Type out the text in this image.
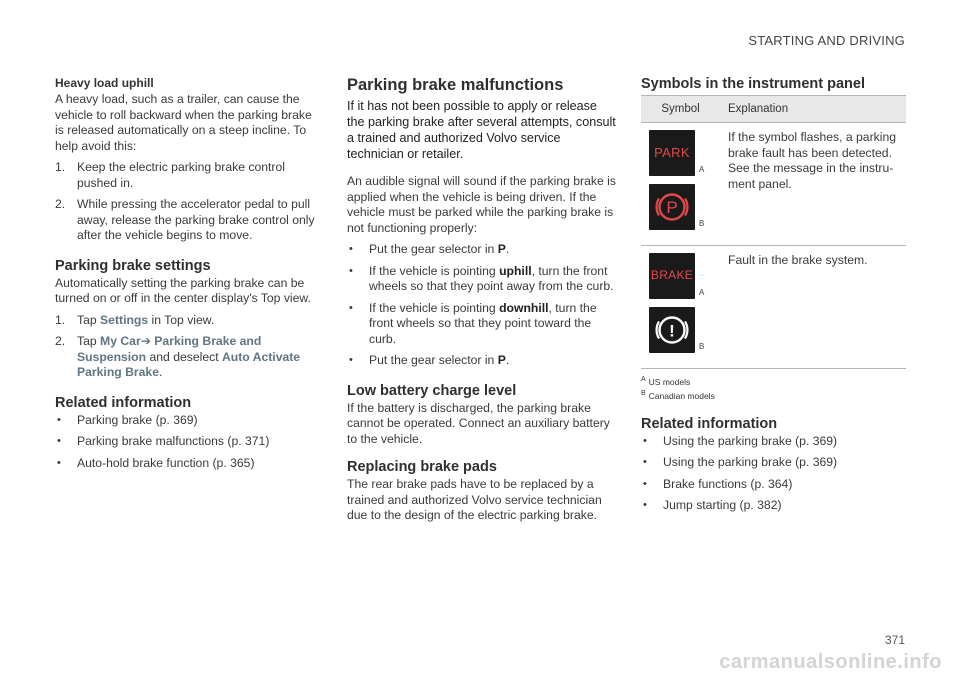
STARTING AND DRIVING
Heavy load uphill

A heavy load, such as a trailer, can cause the vehicle to roll backward when the parking brake is released automatically on a steep incline. To help avoid this:

1. Keep the electric parking brake control pushed in.
2. While pressing the accelerator pedal to pull away, release the parking brake control only after the vehicle begins to move.
Parking brake settings

Automatically setting the parking brake can be turned on or off in the center display's Top view.

1. Tap Settings in Top view.
2. Tap My Car➔ Parking Brake and Suspension and deselect Auto Activate Parking Brake.
Related information
• Parking brake (p. 369)
• Parking brake malfunctions (p. 371)
• Auto-hold brake function (p. 365)
Parking brake malfunctions

If it has not been possible to apply or release the parking brake after several attempts, consult a trained and authorized Volvo service technician or retailer.

An audible signal will sound if the parking brake is applied when the vehicle is being driven. If the vehicle must be parked while the parking brake is not functioning properly:

• Put the gear selector in P.
• If the vehicle is pointing uphill, turn the front wheels so that they point away from the curb.
• If the vehicle is pointing downhill, turn the front wheels so that they point toward the curb.
• Put the gear selector in P.
Low battery charge level

If the battery is discharged, the parking brake cannot be operated. Connect an auxiliary battery to the vehicle.

Replacing brake pads

The rear brake pads have to be replaced by a trained and authorized Volvo service technician due to the design of the electric parking brake.

Symbols in the instrument panel
Symbol	Explanation

PARK
A
P
B	If the symbol flashes, a parking brake fault has been detected. See the message in the instru-ment panel.

BRAKE
A
!
B	Fault in the brake system.
$^A$ US models
$^B$ Canadian models
Related information
• Using the parking brake (p. 369)
• Using the parking brake (p. 369)
• Brake functions (p. 364)
• Jump starting (p. 382)
371
carmanualsonline.info
